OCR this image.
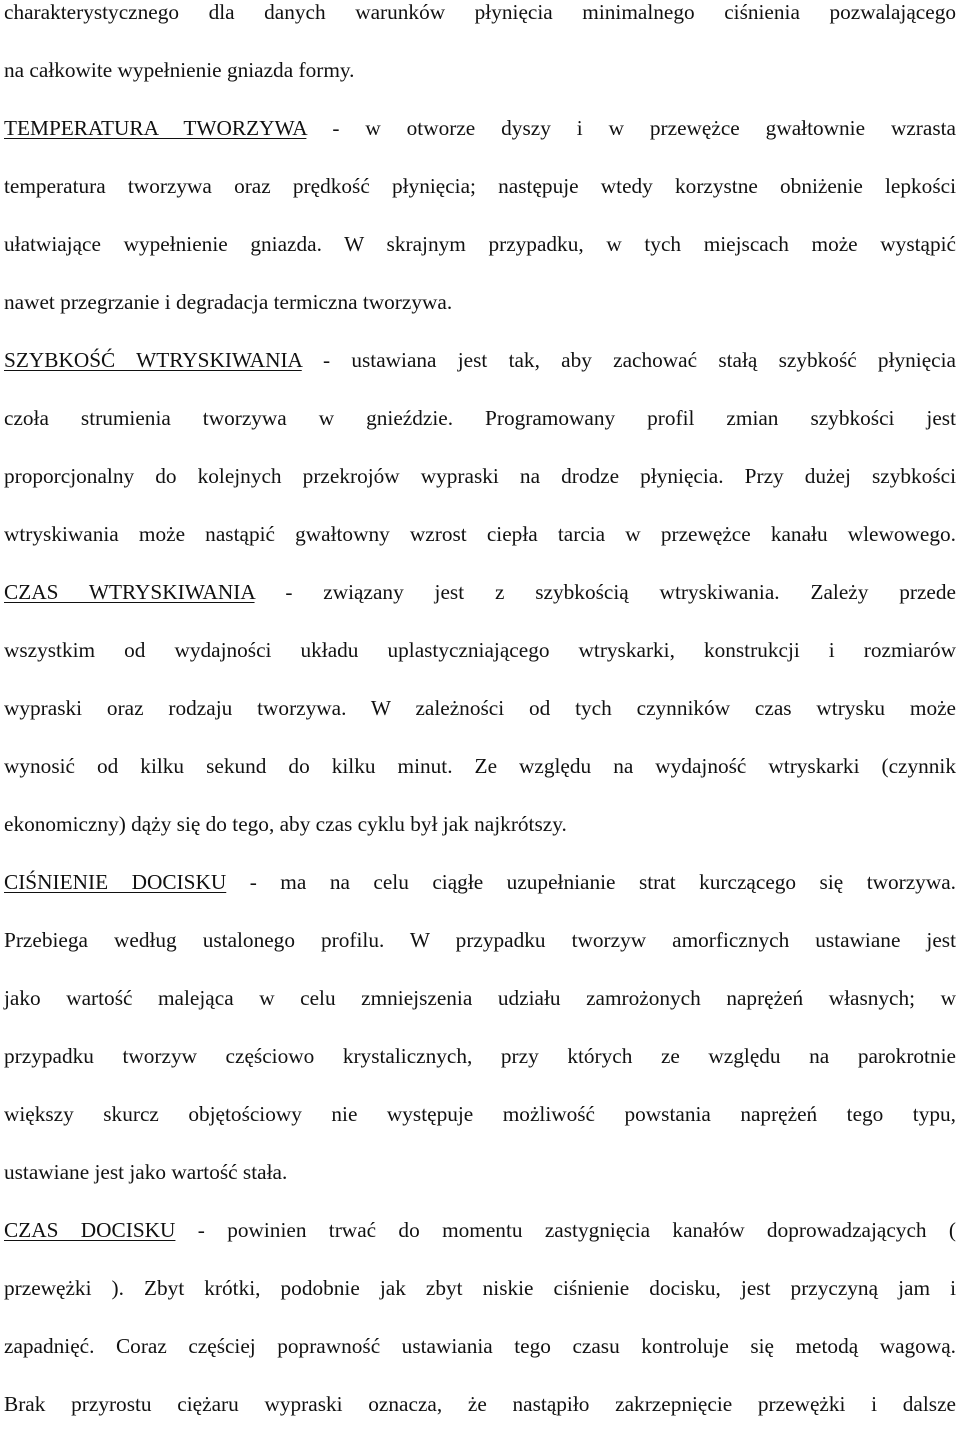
charakterystycznego dla danych warunków płynięcia minimalnego ciśnienia pozwalającego
na całkowite wypełnienie gniazda formy.
TEMPERATURA TWORZYWA - w otworze dyszy i w przewężce gwałtownie wzrasta
temperatura tworzywa oraz prędkość płynięcia; następuje wtedy korzystne obniżenie lepkości
ułatwiające wypełnienie gniazda. W skrajnym przypadku, w tych miejscach może wystąpić
nawet przegrzanie i degradacja termiczna tworzywa.
SZYBKOŚĆ WTRYSKIWANIA - ustawiana jest tak, aby zachować stałą szybkość płynięcia
czoła strumienia tworzywa w gnieździe. Programowany profil zmian szybkości jest
proporcjonalny do kolejnych przekrojów wypraski na drodze płynięcia. Przy dużej szybkości
wtryskiwania może nastąpić gwałtowny wzrost ciepła tarcia w przewężce kanału wlewowego.
CZAS WTRYSKIWANIA - związany jest z szybkością wtryskiwania. Zależy przede
wszystkim od wydajności układu uplastyczniającego wtryskarki, konstrukcji i rozmiarów
wypraski oraz rodzaju tworzywa. W zależności od tych czynników czas wtrysku może
wynosić od kilku sekund do kilku minut. Ze względu na wydajność wtryskarki (czynnik
ekonomiczny) dąży się do tego, aby czas cyklu był jak najkrótszy.
CIŚNIENIE DOCISKU - ma na celu ciągłe uzupełnianie strat kurczącego się tworzywa.
Przebiega według ustalonego profilu. W przypadku tworzyw amorficznych ustawiane jest
jako wartość malejąca w celu zmniejszenia udziału zamrożonych naprężeń własnych; w
przypadku tworzyw częściowo krystalicznych, przy których ze względu na parokrotnie
większy skurcz objętościowy nie występuje możliwość powstania naprężeń tego typu,
ustawiane jest jako wartość stała.
CZAS DOCISKU - powinien trwać do momentu zastygnięcia kanałów doprowadzających (
przewężki ). Zbyt krótki, podobnie jak zbyt niskie ciśnienie docisku, jest przyczyną jam i
zapadnięć. Coraz częściej poprawność ustawiania tego czasu kontroluje się metodą wagową.
Brak przyrostu ciężaru wypraski oznacza, że nastąpiło zakrzepnięcie przewężki i dalsze
